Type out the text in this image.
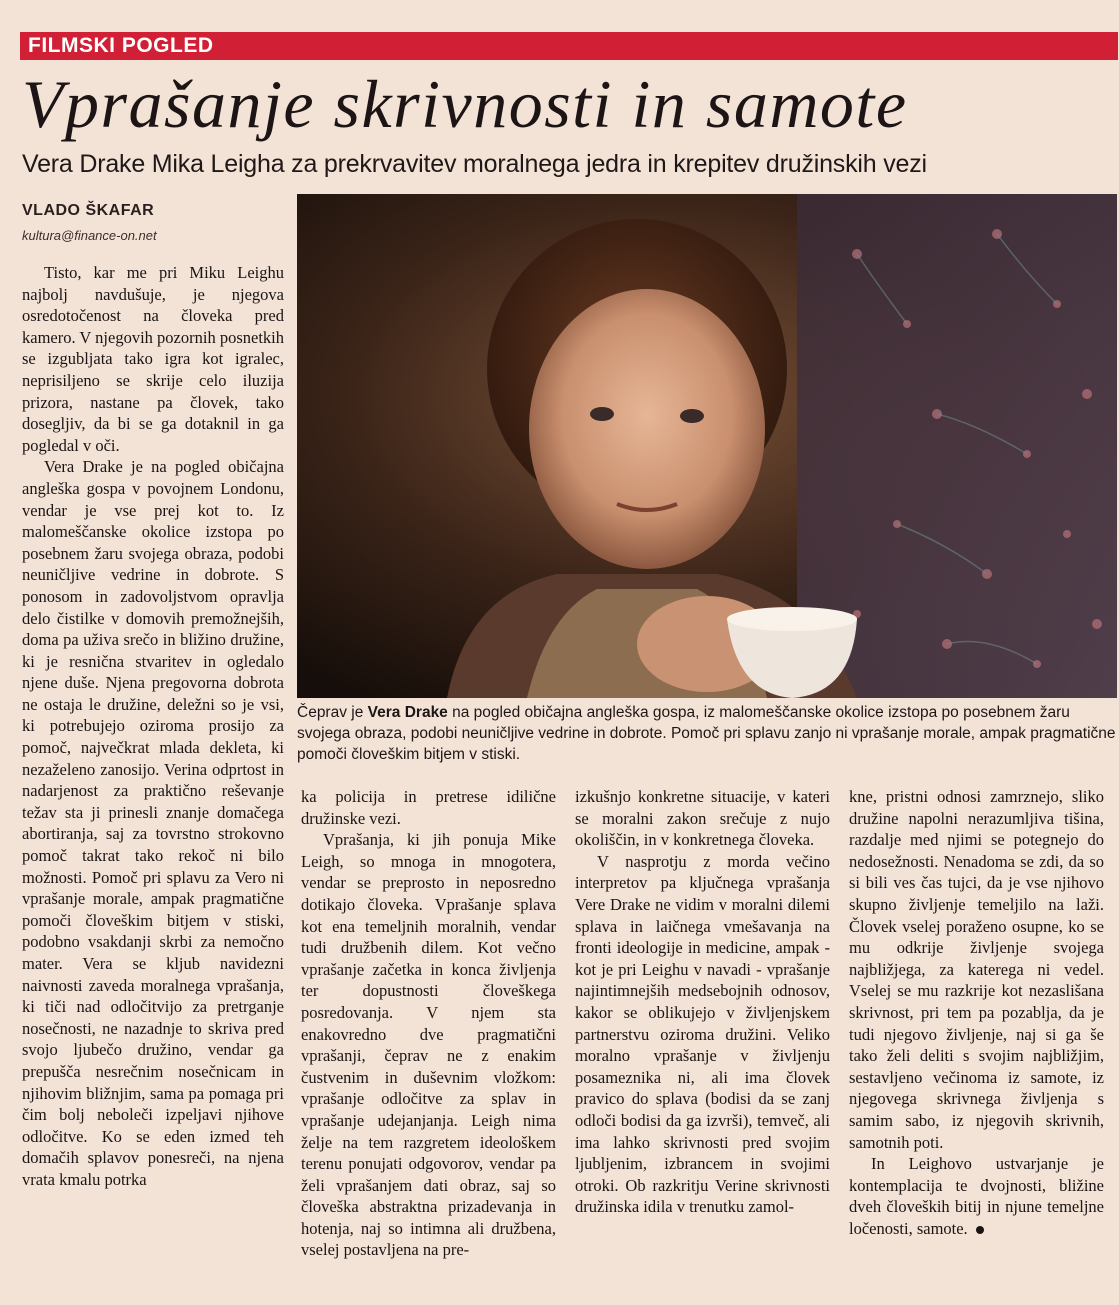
FILMSKI POGLED
Vprašanje skrivnosti in samote
Vera Drake Mika Leigha za prekrvavitev moralnega jedra in krepitev družinskih vezi
VLADO ŠKAFAR
kultura@finance-on.net
Čeprav je Vera Drake na pogled običajna angleška gospa, iz malomeščanske okolice izstopa po posebnem žaru svojega obraza, podobi neuničljive vedrine in dobrote. Pomoč pri splavu zanjo ni vprašanje morale, ampak pragmatične pomoči človeškim bitjem v stiski.

Tisto, kar me pri Miku Leighu najbolj navdušuje, je njegova osredotočenost na človeka pred kamero. V njegovih pozornih posnetkih se izgubljata tako igra kot igralec, neprisiljeno se skrije celo iluzija prizora, nastane pa človek, tako dosegljiv, da bi se ga dotaknil in ga pogledal v oči.

Vera Drake je na pogled običajna angleška gospa v povojnem Londonu, vendar je vse prej kot to. Iz malomeščanske okolice izstopa po posebnem žaru svojega obraza, podobi neuničljive vedrine in dobrote. S ponosom in zadovoljstvom opravlja delo čistilke v domovih premožnejših, doma pa uživa srečo in bližino družine, ki je resnična stvaritev in ogledalo njene duše. Njena pregovorna dobrota ne ostaja le družine, deležni so je vsi, ki potrebujejo oziroma prosijo za pomoč, največkrat mlada dekleta, ki nezaželeno zanosijo. Verina odprtost in nadarjenost za praktično reševanje težav sta ji prinesli znanje domačega abortiranja, saj za tovrstno strokovno pomoč takrat tako rekoč ni bilo možnosti. Pomoč pri splavu za Vero ni vprašanje morale, ampak pragmatične pomoči človeškim bitjem v stiski, podobno vsakdanji skrbi za nemočno mater. Vera se kljub navidezni naivnosti zaveda moralnega vprašanja, ki tiči nad odločitvijo za pretrganje nosečnosti, ne nazadnje to skriva pred svojo ljubečo družino, vendar ga prepušča nesrečnim nosečnicam in njihovim bližnjim, sama pa pomaga pri čim bolj neboleči izpeljavi njihove odločitve. Ko se eden izmed teh domačih splavov ponesreči, na njena vrata kmalu potrka

ka policija in pretrese idilične družinske vezi.

Vprašanja, ki jih ponuja Mike Leigh, so mnoga in mnogotera, vendar se preprosto in neposredno dotikajo človeka. Vprašanje splava kot ena temeljnih moralnih, vendar tudi družbenih dilem. Kot večno vprašanje začetka in konca življenja ter dopustnosti človeškega posredovanja. V njem sta enakovredno dve pragmatični vprašanji, čeprav ne z enakim čustvenim in duševnim vložkom: vprašanje odločitve za splav in vprašanje udejanjanja. Leigh nima želje na tem razgretem ideološkem terenu ponujati odgovorov, vendar pa želi vprašanjem dati obraz, saj so človeška abstraktna prizadevanja in hotenja, naj so intimna ali družbena, vselej postavljena na pre-

izkušnjo konkretne situacije, v kateri se moralni zakon srečuje z nujo okoliščin, in v konkretnega človeka.

V nasprotju z morda večino interpretov pa ključnega vprašanja Vere Drake ne vidim v moralni dilemi splava in laičnega vmešavanja na fronti ideologije in medicine, ampak - kot je pri Leighu v navadi - vprašanje najintimnejših medsebojnih odnosov, kakor se oblikujejo v življenjskem partnerstvu oziroma družini. Veliko moralno vprašanje v življenju posameznika ni, ali ima človek pravico do splava (bodisi da se zanj odloči bodisi da ga izvrši), temveč, ali ima lahko skrivnosti pred svojim ljubljenim, izbrancem in svojimi otroki. Ob razkritju Verine skrivnosti družinska idila v trenutku zamol-

kne, pristni odnosi zamrznejo, sliko družine napolni nerazumljiva tišina, razdalje med njimi se potegnejo do nedosežnosti. Nenadoma se zdi, da so si bili ves čas tujci, da je vse njihovo skupno življenje temeljilo na laži. Človek vselej poraženo osupne, ko se mu odkrije življenje svojega najbližjega, za katerega ni vedel. Vselej se mu razkrije kot nezaslišana skrivnost, pri tem pa pozablja, da je tudi njegovo življenje, naj si ga še tako želi deliti s svojim najbližjim, sestavljeno večinoma iz samote, iz njegovega skrivnega življenja s samim sabo, iz njegovih skrivnih, samotnih poti.

In Leighovo ustvarjanje je kontemplacija te dvojnosti, bližine dveh človeških bitij in njune temeljne ločenosti, samote.
